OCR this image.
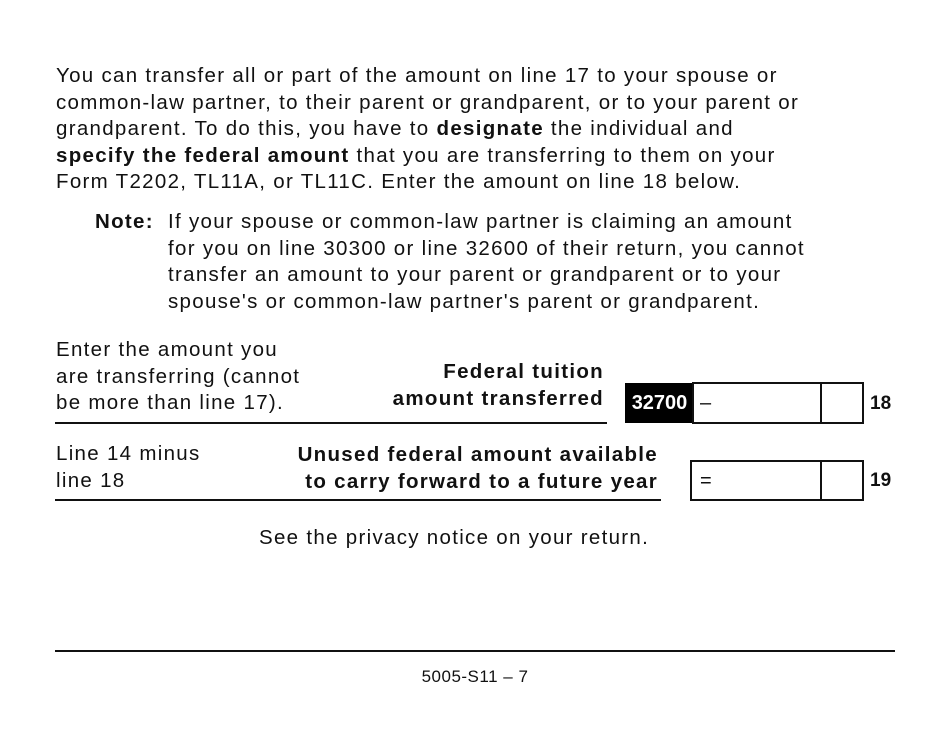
You can transfer all or part of the amount on line 17 to your spouse or
common-law partner, to their parent or grandparent, or to your parent or
grandparent. To do this, you have to designate the individual and
specify the federal amount that you are transferring to them on your
Form T2202, TL11A, or TL11C. Enter the amount on line 18 below.
Note: If your spouse or common-law partner is claiming an amount
for you on line 30300 or line 32600 of their return, you cannot
transfer an amount to your parent or grandparent or to your
spouse's or common-law partner's parent or grandparent.
Enter the amount you
are transferring (cannot
be more than line 17).
Federal tuition
amount transferred	32700 –	18
Line 14 minus
line 18
Unused federal amount available
to carry forward to a future year =	19
See the privacy notice on your return.
5005-S11 – 7
